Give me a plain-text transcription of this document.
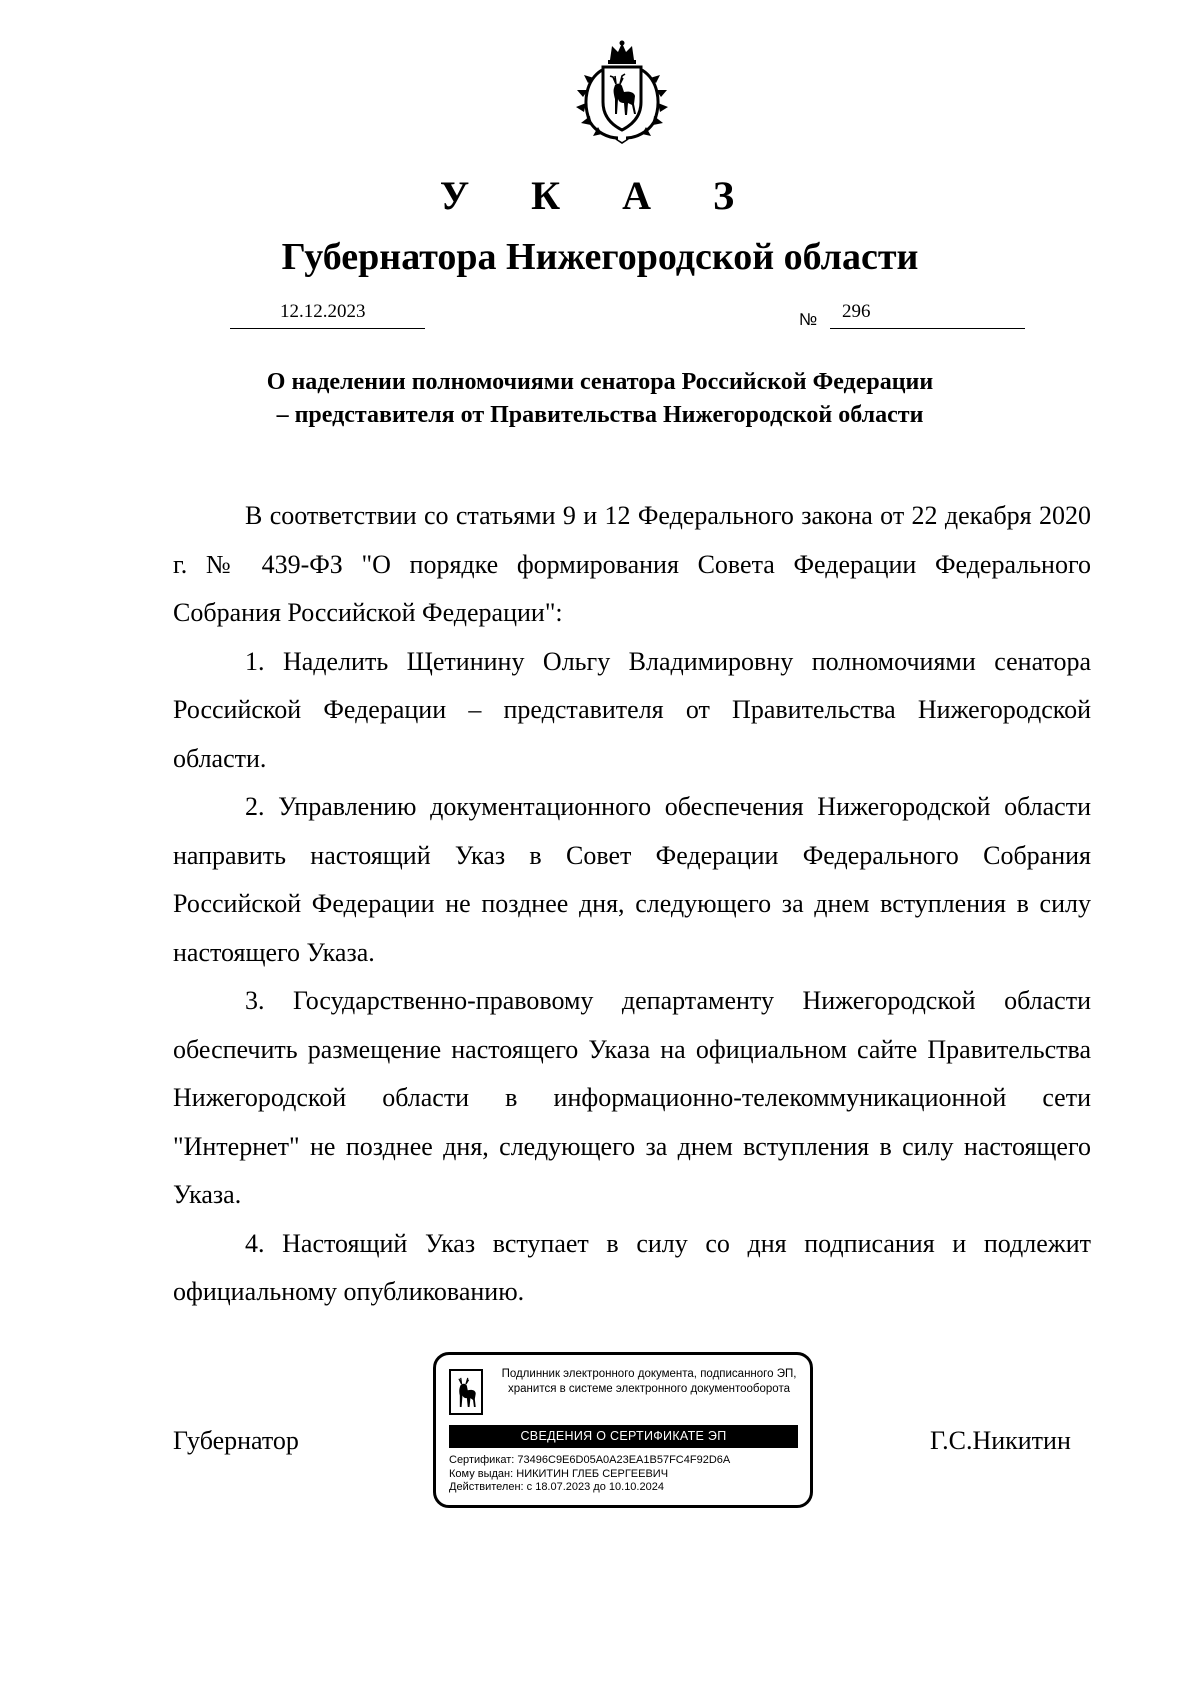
У К А З
Губернатора Нижегородской области
12.12.2023	№ 296
О наделении полномочиями сенатора Российской Федерации
– представителя от Правительства Нижегородской области

В соответствии со статьями 9 и 12 Федерального закона от 22 декабря 2020 г. № 439-ФЗ "О порядке формирования Совета Федерации Федерального Собрания Российской Федерации":

1. Наделить Щетинину Ольгу Владимировну полномочиями сенатора Российской Федерации – представителя от Правительства Нижегородской области.

2. Управлению документационного обеспечения Нижегородской области направить настоящий Указ в Совет Федерации Федерального Собрания Российской Федерации не позднее дня, следующего за днем вступления в силу настоящего Указа.

3. Государственно-правовому департаменту Нижегородской области обеспечить размещение настоящего Указа на официальном сайте Правительства Нижегородской области в информационно-телекоммуникационной сети "Интернет" не позднее дня, следующего за днем вступления в силу настоящего Указа.

4. Настоящий Указ вступает в силу со дня подписания и подлежит официальному опубликованию.

Губернатор	Г.С.Никитин
Подлинник электронного документа, подписанного ЭП,
хранится в системе электронного документооборота
СВЕДЕНИЯ О СЕРТИФИКАТЕ ЭП
Сертификат: 73496C9E6D05A0A23EA1B57FC4F92D6A
Кому выдан: НИКИТИН ГЛЕБ СЕРГЕЕВИЧ
Действителен: с 18.07.2023 до 10.10.2024
